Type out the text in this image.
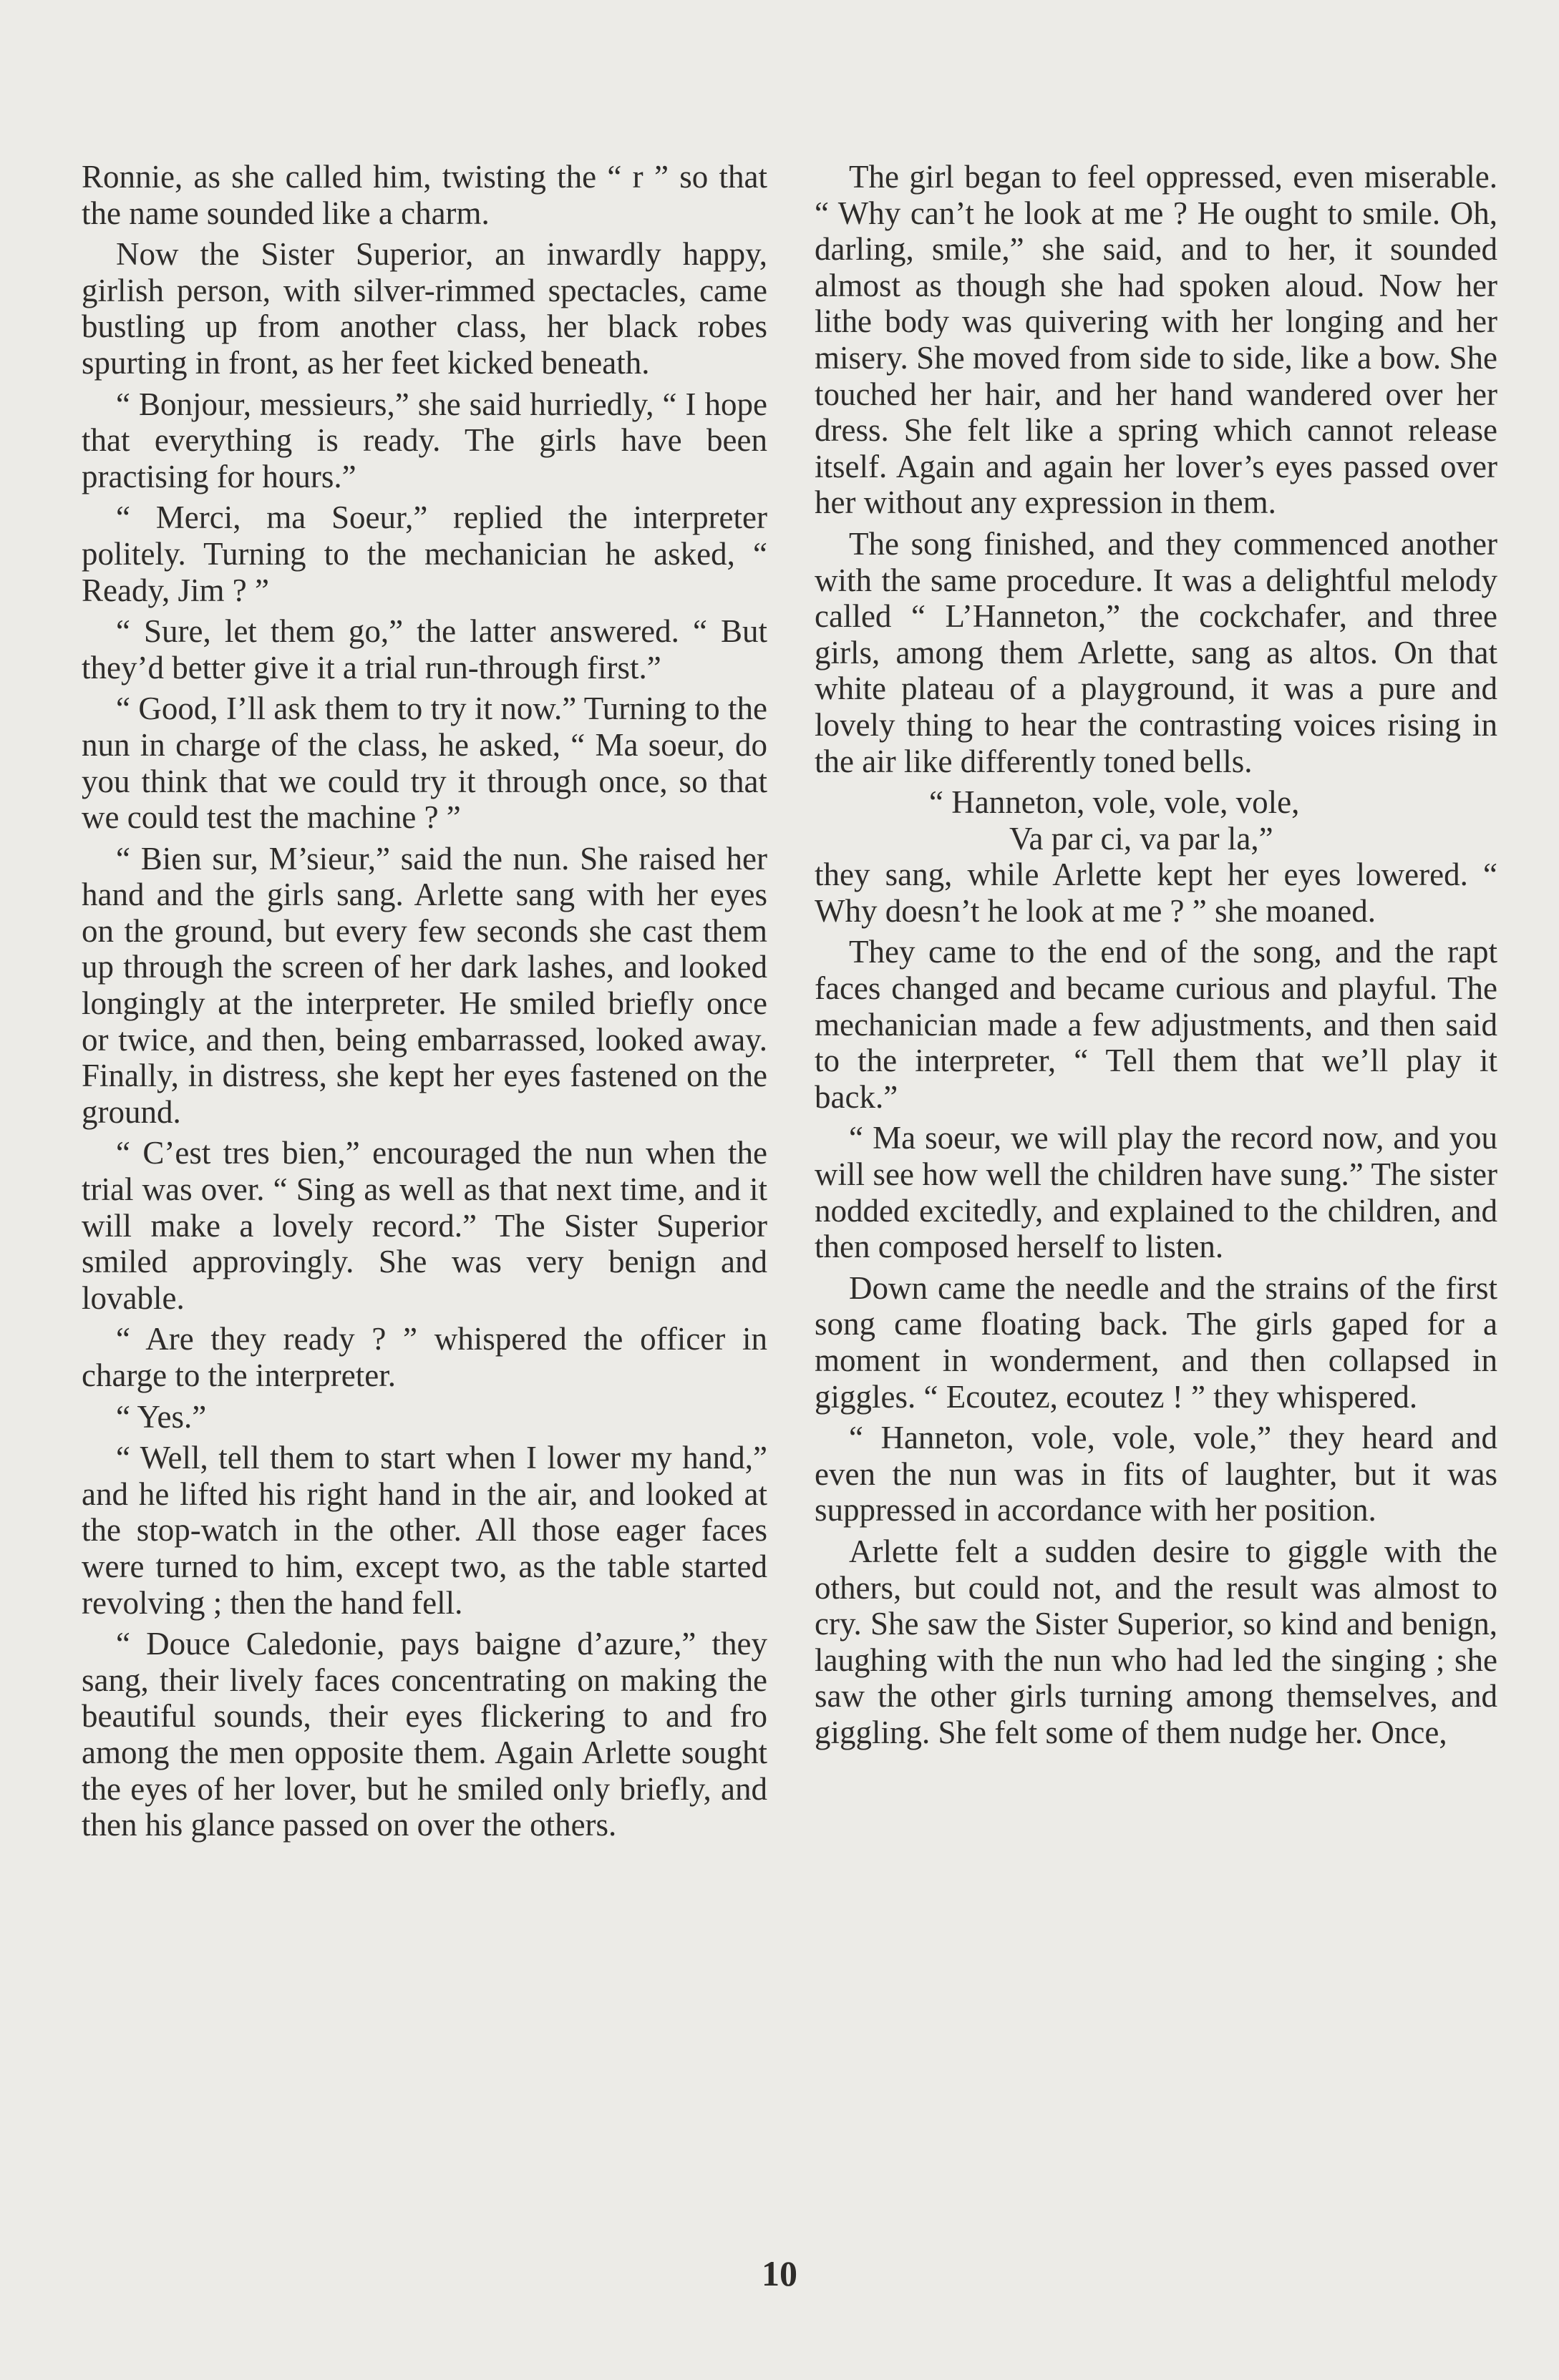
Ronnie, as she called him, twisting the “ r ” so that the name sounded like a charm.

Now the Sister Superior, an inwardly happy, girlish person, with silver-rimmed spectacles, came bustling up from another class, her black robes spurting in front, as her feet kicked beneath.

“ Bonjour, messieurs,” she said hurriedly, “ I hope that everything is ready. The girls have been practising for hours.”

“ Merci, ma Soeur,” replied the interpreter politely. Turning to the mechanician he asked, “ Ready, Jim ? ”

“ Sure, let them go,” the latter answered. “ But they’d better give it a trial run-through first.”

“ Good, I’ll ask them to try it now.” Turning to the nun in charge of the class, he asked, “ Ma soeur, do you think that we could try it through once, so that we could test the machine ? ”

“ Bien sur, M’sieur,” said the nun. She raised her hand and the girls sang. Arlette sang with her eyes on the ground, but every few seconds she cast them up through the screen of her dark lashes, and looked longingly at the interpreter. He smiled briefly once or twice, and then, being embarrassed, looked away. Finally, in distress, she kept her eyes fastened on the ground.

“ C’est tres bien,” encouraged the nun when the trial was over. “ Sing as well as that next time, and it will make a lovely record.” The Sister Superior smiled approvingly. She was very benign and lovable.

“ Are they ready ? ” whispered the officer in charge to the interpreter.

“ Yes.”

“ Well, tell them to start when I lower my hand,” and he lifted his right hand in the air, and looked at the stop-watch in the other. All those eager faces were turned to him, except two, as the table started revolving ; then the hand fell.

“ Douce Caledonie, pays baigne d’azure,” they sang, their lively faces concentrating on making the beautiful sounds, their eyes flickering to and fro among the men opposite them. Again Arlette sought the eyes of her lover, but he smiled only briefly, and then his glance passed on over the others.

The girl began to feel oppressed, even miserable. “ Why can’t he look at me ? He ought to smile. Oh, darling, smile,” she said, and to her, it sounded almost as though she had spoken aloud. Now her lithe body was quivering with her longing and her misery. She moved from side to side, like a bow. She touched her hair, and her hand wandered over her dress. She felt like a spring which cannot release itself. Again and again her lover’s eyes passed over her without any expression in them.

The song finished, and they commenced another with the same procedure. It was a delightful melody called “ L’Hanneton,” the cockchafer, and three girls, among them Arlette, sang as altos. On that white plateau of a playground, it was a pure and lovely thing to hear the contrasting voices rising in the air like differently toned bells.

“ Hanneton, vole, vole, vole,
Va par ci, va par la,”

they sang, while Arlette kept her eyes lowered. “ Why doesn’t he look at me ? ” she moaned.

They came to the end of the song, and the rapt faces changed and became curious and playful. The mechanician made a few adjustments, and then said to the interpreter, “ Tell them that we’ll play it back.”

“ Ma soeur, we will play the record now, and you will see how well the children have sung.” The sister nodded excitedly, and explained to the children, and then composed herself to listen.

Down came the needle and the strains of the first song came floating back. The girls gaped for a moment in wonderment, and then collapsed in giggles. “ Ecoutez, ecoutez ! ” they whispered.

“ Hanneton, vole, vole, vole,” they heard and even the nun was in fits of laughter, but it was suppressed in accordance with her position.

Arlette felt a sudden desire to giggle with the others, but could not, and the result was almost to cry. She saw the Sister Superior, so kind and benign, laughing with the nun who had led the singing ; she saw the other girls turning among themselves, and giggling. She felt some of them nudge her. Once,

10
